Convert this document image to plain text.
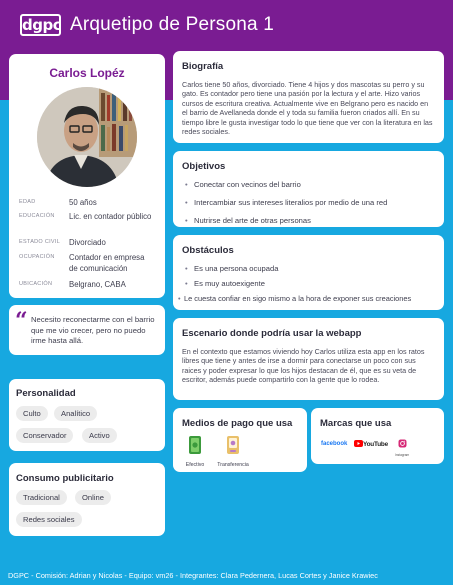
dgpc Arquetipo de Persona 1
Carlos Lopéz
EDAD	50 años
EDUCACIÓN Lic. en contador público
ESTADO CIVIL Divorciado
OCUPACIÓN Contador en empresa de comunicación
UBICACIÓN Belgrano, CABA
“ Necesito reconectarme con el barrio que me vio crecer, pero no puedo irme hasta allá.
Personalidad
Culto	Analítico
Conservador	Activo
Consumo publicitario
Tradicional	Online
Redes sociales
Biografía

Carlos tiene 50 años, divorciado. Tiene 4 hijos y dos mascotas su perro y su gato. Es contador pero tiene una pasión por la lectura y el arte. Hizo varios cursos de escritura creativa. Actualmente vive en Belgrano pero es nacido en el barrio de Avellaneda donde el y toda su familia fueron criados allí. En su tiempo libre le gusta investigar todo lo que tiene que ver con la literatura en las redes sociales.

Objetivos
• Conectar con vecinos del barrio
• Intercambiar sus intereses literalios por medio de una red
• Nutrirse del arte de otras personas
Obstáculos
• Es una persona ocupada
• Es muy autoexigente
• Le cuesta confiar en sigo mismo a la hora de exponer sus creaciones
Escenario donde podría usar la webapp

En el contexto que estamos viviendo hoy Carlos utiliza esta app en los ratos libres que tiene y antes de irse a dormir para conectarse un poco con sus raices y poder expresar lo que los hijos destacan de él, que es su veta de escritor, además puede compartirlo con la gente que lo rodea.

Medios de pago que usa
Efectivo	Transferencia
Marcas que usa
facebook	YouTube
Instagram
DGPC - Comisión: Adrian y Nicolas - Equipo: vm26 - Integrantes: Clara Pedernera, Lucas Cortes y Janice Krawiec
